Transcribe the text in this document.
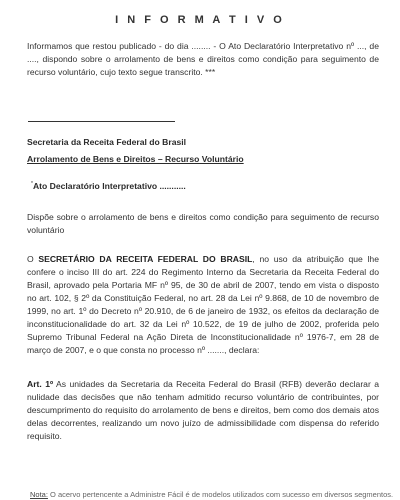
I N F O R M A T I V O
Informamos que restou publicado - do dia ........ - O Ato Declaratório Interpretativo nº ..., de ...., dispondo sobre o arrolamento de bens e direitos como condição para seguimento de recurso voluntário, cujo texto segue transcrito. ***
Secretaria da Receita Federal do Brasil
Arrolamento de Bens e Direitos – Recurso Voluntário
*Ato Declaratório Interpretativo ...........
Dispõe sobre o arrolamento de bens e direitos como condição para seguimento de recurso voluntário
O SECRETÁRIO DA RECEITA FEDERAL DO BRASIL, no uso da atribuição que lhe confere o inciso III do art. 224 do Regimento Interno da Secretaria da Receita Federal do Brasil, aprovado pela Portaria MF nº 95, de 30 de abril de 2007, tendo em vista o disposto no art. 102, § 2º da Constituição Federal, no art. 28 da Lei nº 9.868, de 10 de novembro de 1999, no art. 1º do Decreto nº 20.910, de 6 de janeiro de 1932, os efeitos da declaração de inconstitucionalidade do art. 32 da Lei nº 10.522, de 19 de julho de 2002, proferida pelo Supremo Tribunal Federal na Ação Direta de Inconstitucionalidade nº 1976-7, em 28 de março de 2007, e o que consta no processo nº ......., declara:
Art. 1º As unidades da Secretaria da Receita Federal do Brasil (RFB) deverão declarar a nulidade das decisões que não tenham admitido recurso voluntário de contribuintes, por descumprimento do requisito do arrolamento de bens e direitos, bem como dos demais atos delas decorrentes, realizando um novo juízo de admissibilidade com dispensa do referido requisito.
Nota: O acervo pertencente a Administre Fácil é de modelos utilizados com sucesso em diversos segmentos.
